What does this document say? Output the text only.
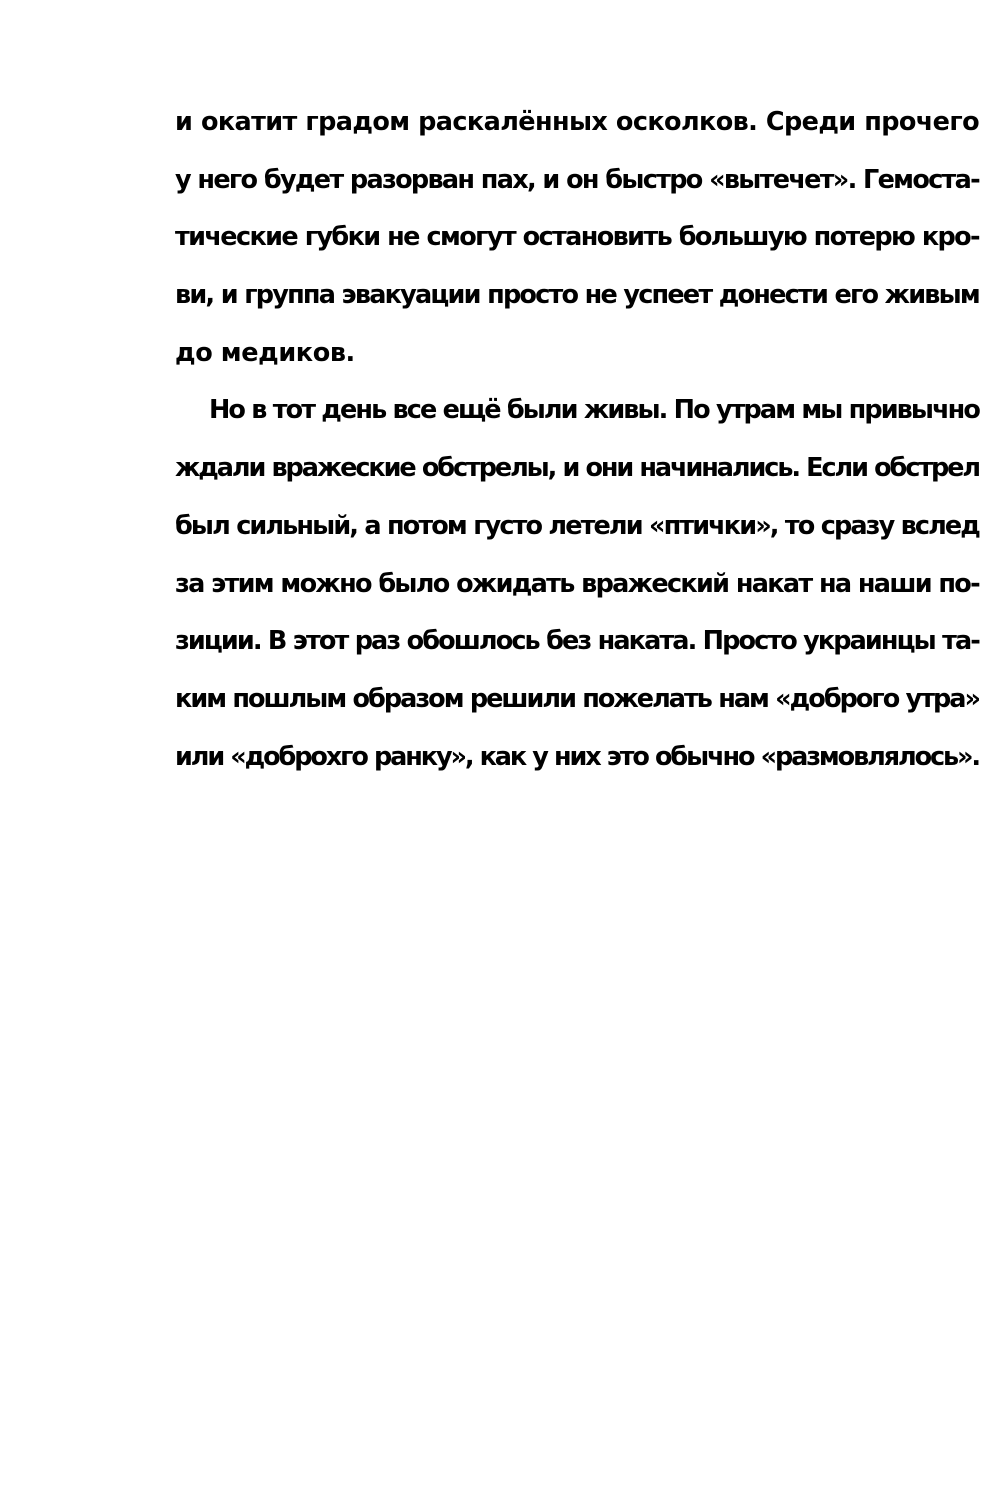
и окатит градом раскалённых осколков. Среди прочего
у него будет разорван пах, и он быстро «вытечет». Гемоста-
тические губки не смогут остановить большую потерю кро-
ви, и группа эвакуации просто не успеет донести его живым
до медиков.
Но в тот день все ещё были живы. По утрам мы привычно
ждали вражеские обстрелы, и они начинались. Если обстрел
был сильный, а потом густо летели «птички», то сразу вслед
за этим можно было ожидать вражеский накат на наши по-
зиции. В этот раз обошлось без наката. Просто украинцы та-
ким пошлым образом решили пожелать нам «доброго утра»
или «доброхго ранку», как у них это обычно «размовлялось».
